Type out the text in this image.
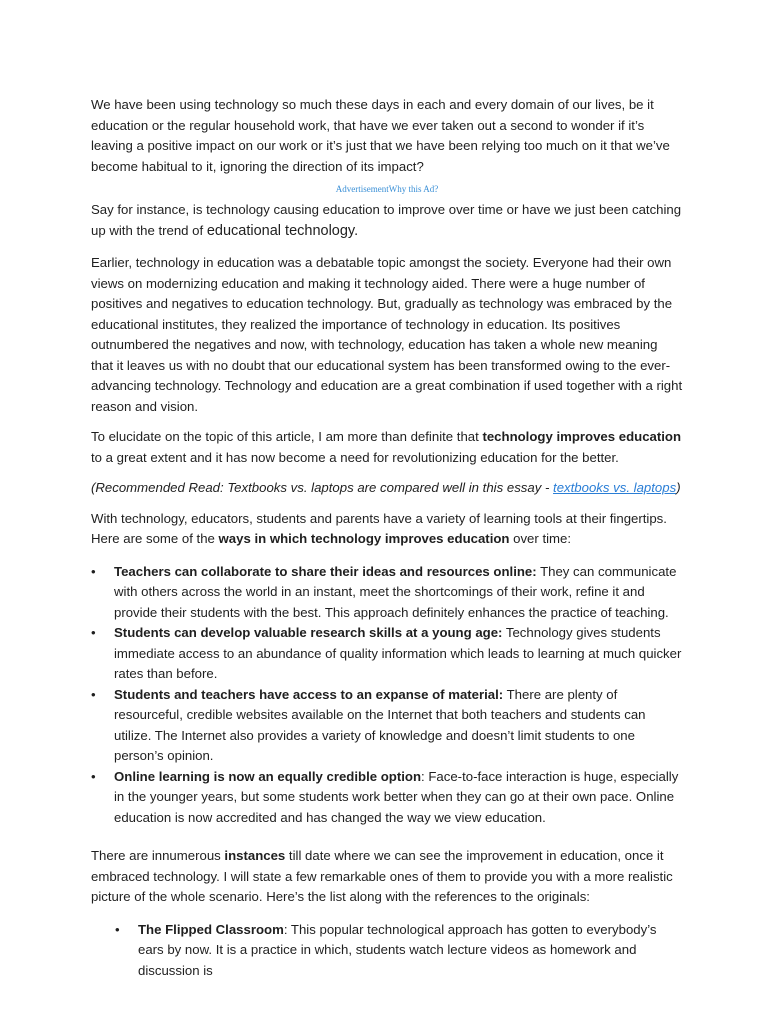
We have been using technology so much these days in each and every domain of our lives, be it education or the regular household work, that have we ever taken out a second to wonder if it’s leaving a positive impact on our work or it’s just that we have been relying too much on it that we’ve become habitual to it, ignoring the direction of its impact?

AdvertisementWhy this Ad?

Say for instance, is technology causing education to improve over time or have we just been catching up with the trend of educational technology.

Earlier, technology in education was a debatable topic amongst the society. Everyone had their own views on modernizing education and making it technology aided. There were a huge number of positives and negatives to education technology. But, gradually as technology was embraced by the educational institutes, they realized the importance of technology in education. Its positives outnumbered the negatives and now, with technology, education has taken a whole new meaning that it leaves us with no doubt that our educational system has been transformed owing to the ever-advancing technology. Technology and education are a great combination if used together with a right reason and vision.

To elucidate on the topic of this article, I am more than definite that technology improves education to a great extent and it has now become a need for revolutionizing education for the better.

(Recommended Read: Textbooks vs. laptops are compared well in this essay - textbooks vs. laptops)

With technology, educators, students and parents have a variety of learning tools at their fingertips. Here are some of the ways in which technology improves education over time:

• Teachers can collaborate to share their ideas and resources online: They can communicate with others across the world in an instant, meet the shortcomings of their work, refine it and provide their students with the best. This approach definitely enhances the practice of teaching.
• Students can develop valuable research skills at a young age: Technology gives students immediate access to an abundance of quality information which leads to learning at much quicker rates than before.
• Students and teachers have access to an expanse of material: There are plenty of resourceful, credible websites available on the Internet that both teachers and students can utilize. The Internet also provides a variety of knowledge and doesn’t limit students to one person’s opinion.
• Online learning is now an equally credible option: Face-to-face interaction is huge, especially in the younger years, but some students work better when they can go at their own pace. Online education is now accredited and has changed the way we view education.

There are innumerous instances till date where we can see the improvement in education, once it embraced technology. I will state a few remarkable ones of them to provide you with a more realistic picture of the whole scenario. Here’s the list along with the references to the originals:

• The Flipped Classroom: This popular technological approach has gotten to everybody’s ears by now. It is a practice in which, students watch lecture videos as homework and discussion is
